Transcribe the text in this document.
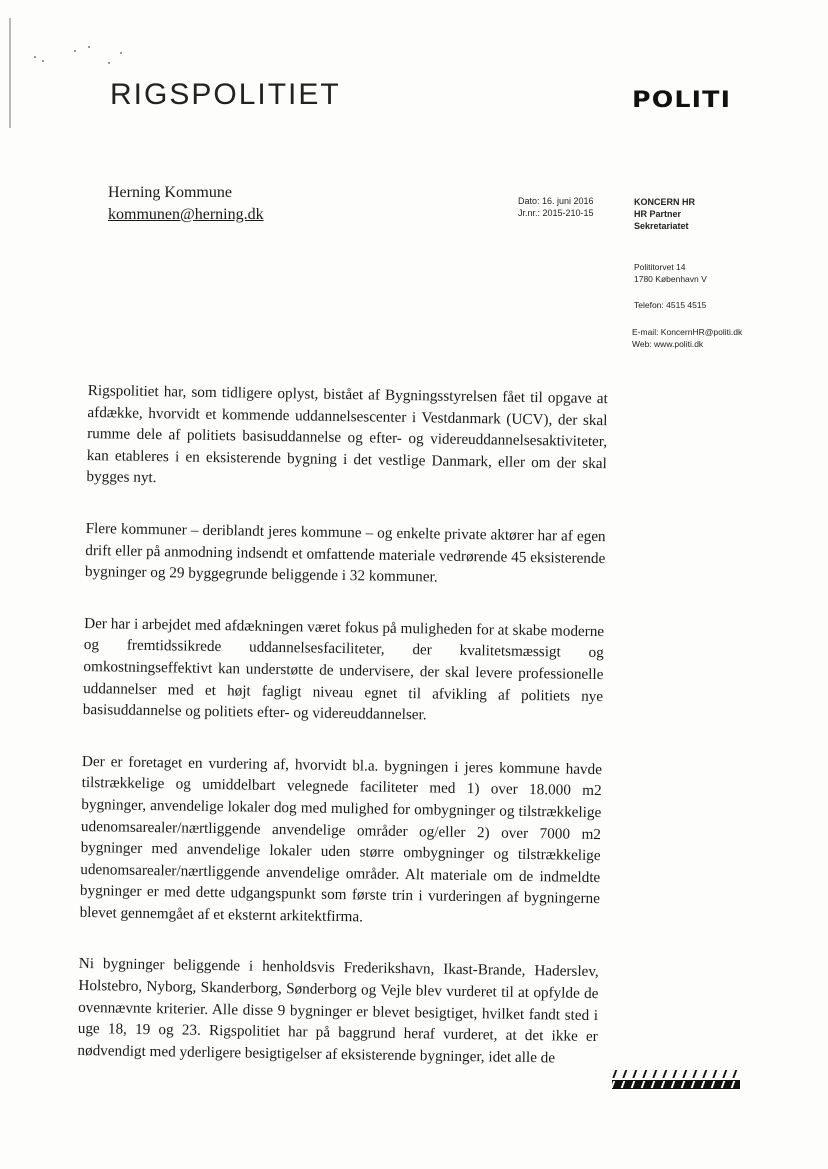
RIGSPOLITIET	POLITI
Herning Kommune
kommunen@herning.dk
Dato: 16. juni 2016
Jr.nr.: 2015-210-15
KONCERN HR
HR Partner
Sekretariatet
Polititorvet 14
1780 København V
Telefon: 4515 4515
E-mail: KoncernHR@politi.dk
Web: www.politi.dk

Rigspolitiet har, som tidligere oplyst, bistået af Bygningsstyrelsen fået til opgave at afdække, hvorvidt et kommende uddannelsescenter i Vestdanmark (UCV), der skal rumme dele af politiets basisuddannelse og efter- og videreuddannelsesaktiviteter, kan etableres i en eksisterende bygning i det vestlige Danmark, eller om der skal bygges nyt.

Flere kommuner – deriblandt jeres kommune – og enkelte private aktører har af egen drift eller på anmodning indsendt et omfattende materiale vedrørende 45 eksisterende bygninger og 29 byggegrunde beliggende i 32 kommuner.

Der har i arbejdet med afdækningen været fokus på muligheden for at skabe moderne og fremtidssikrede uddannelsesfaciliteter, der kvalitetsmæssigt og omkostningseffektivt kan understøtte de undervisere, der skal levere professionelle uddannelser med et højt fagligt niveau egnet til afvikling af politiets nye basisuddannelse og politiets efter- og videreuddannelser.

Der er foretaget en vurdering af, hvorvidt bl.a. bygningen i jeres kommune havde tilstrækkelige og umiddelbart velegnede faciliteter med 1) over 18.000 m2 bygninger, anvendelige lokaler dog med mulighed for ombygninger og tilstrækkelige udenomsarealer/nærtliggende anvendelige områder og/eller 2) over 7000 m2 bygninger med anvendelige lokaler uden større ombygninger og tilstrækkelige udenomsarealer/nærtliggende anvendelige områder. Alt materiale om de indmeldte bygninger er med dette udgangspunkt som første trin i vurderingen af bygningerne blevet gennemgået af et eksternt arkitektfirma.

Ni bygninger beliggende i henholdsvis Frederikshavn, Ikast-Brande, Haderslev, Holstebro, Nyborg, Skanderborg, Sønderborg og Vejle blev vurderet til at opfylde de ovennævnte kriterier. Alle disse 9 bygninger er blevet besigtiget, hvilket fandt sted i uge 18, 19 og 23. Rigspolitiet har på baggrund heraf vurderet, at det ikke er nødvendigt med yderligere besigtigelser af eksisterende bygninger, idet alle de
